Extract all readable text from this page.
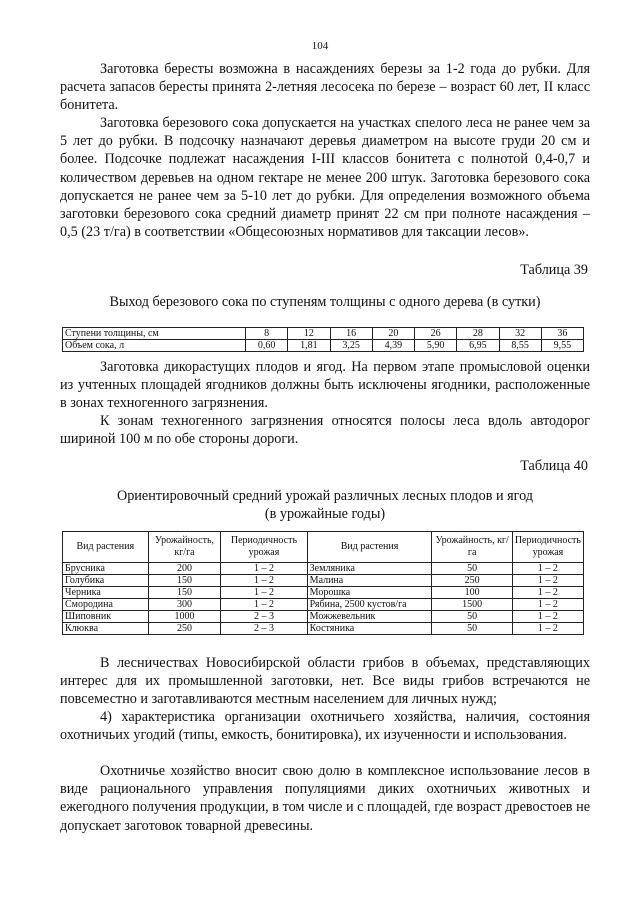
104
Заготовка бересты возможна в насаждениях березы за 1-2 года до рубки. Для расчета запасов бересты принята 2-летняя лесосека по березе – возраст 60 лет, II класс бонитета.
Заготовка березового сока допускается на участках спелого леса не ранее чем за 5 лет до рубки. В подсочку назначают деревья диаметром на высоте груди 20 см и более. Подсочке подлежат насаждения I-III классов бонитета с полнотой 0,4-0,7 и количеством деревьев на одном гектаре не менее 200 штук. Заготовка березового сока допускается не ранее чем за 5-10 лет до рубки. Для определения возможного объема заготовки березового сока средний диаметр принят 22 см при полноте насаждения – 0,5 (23 т/га) в соответствии «Общесоюзных нормативов для таксации лесов».
Таблица 39
Выход березового сока по ступеням толщины с одного дерева (в сутки)
Ступени толщины, см	8	12	16	20	26	28	32	36
Объем сока, л	0,60	1,81	3,25	4,39	5,90	6,95	8,55	9,55
Заготовка дикорастущих плодов и ягод. На первом этапе промысловой оценки из учтенных площадей ягодников должны быть исключены ягодники, расположенные в зонах техногенного загрязнения.
К зонам техногенного загрязнения относятся полосы леса вдоль автодорог шириной 100 м по обе стороны дороги.
Таблица 40
Ориентировочный средний урожай различных лесных плодов и ягод
(в урожайные годы)
Вид растения	Урожайность, кг/га	Периодичность урожая	Вид растения	Урожайность, кг/га	Периодичность урожая
Брусника	200	1 – 2	Земляника	50	1 – 2
Голубика	150	1 – 2	Малина	250	1 – 2
Черника	150	1 – 2	Морошка	100	1 – 2
Смородина	300	1 – 2	Рябина, 2500 кустов/га	1500	1 – 2
Шиповник	1000	2 – 3	Можжевельник	50	1 – 2
Клюква	250	2 – 3	Костяника	50	1 – 2
В лесничествах Новосибирской области грибов в объемах, представляющих интерес для их промышленной заготовки, нет. Все виды грибов встречаются не повсеместно и заготавливаются местным населением для личных нужд;
4) характеристика организации охотничьего хозяйства, наличия, состояния охотничьих угодий (типы, емкость, бонитировка), их изученности и использования.
Охотничье хозяйство вносит свою долю в комплексное использование лесов в виде рационального управления популяциями диких охотничьих животных и ежегодного получения продукции, в том числе и с площадей, где возраст древостоев не допускает заготовок товарной древесины.
